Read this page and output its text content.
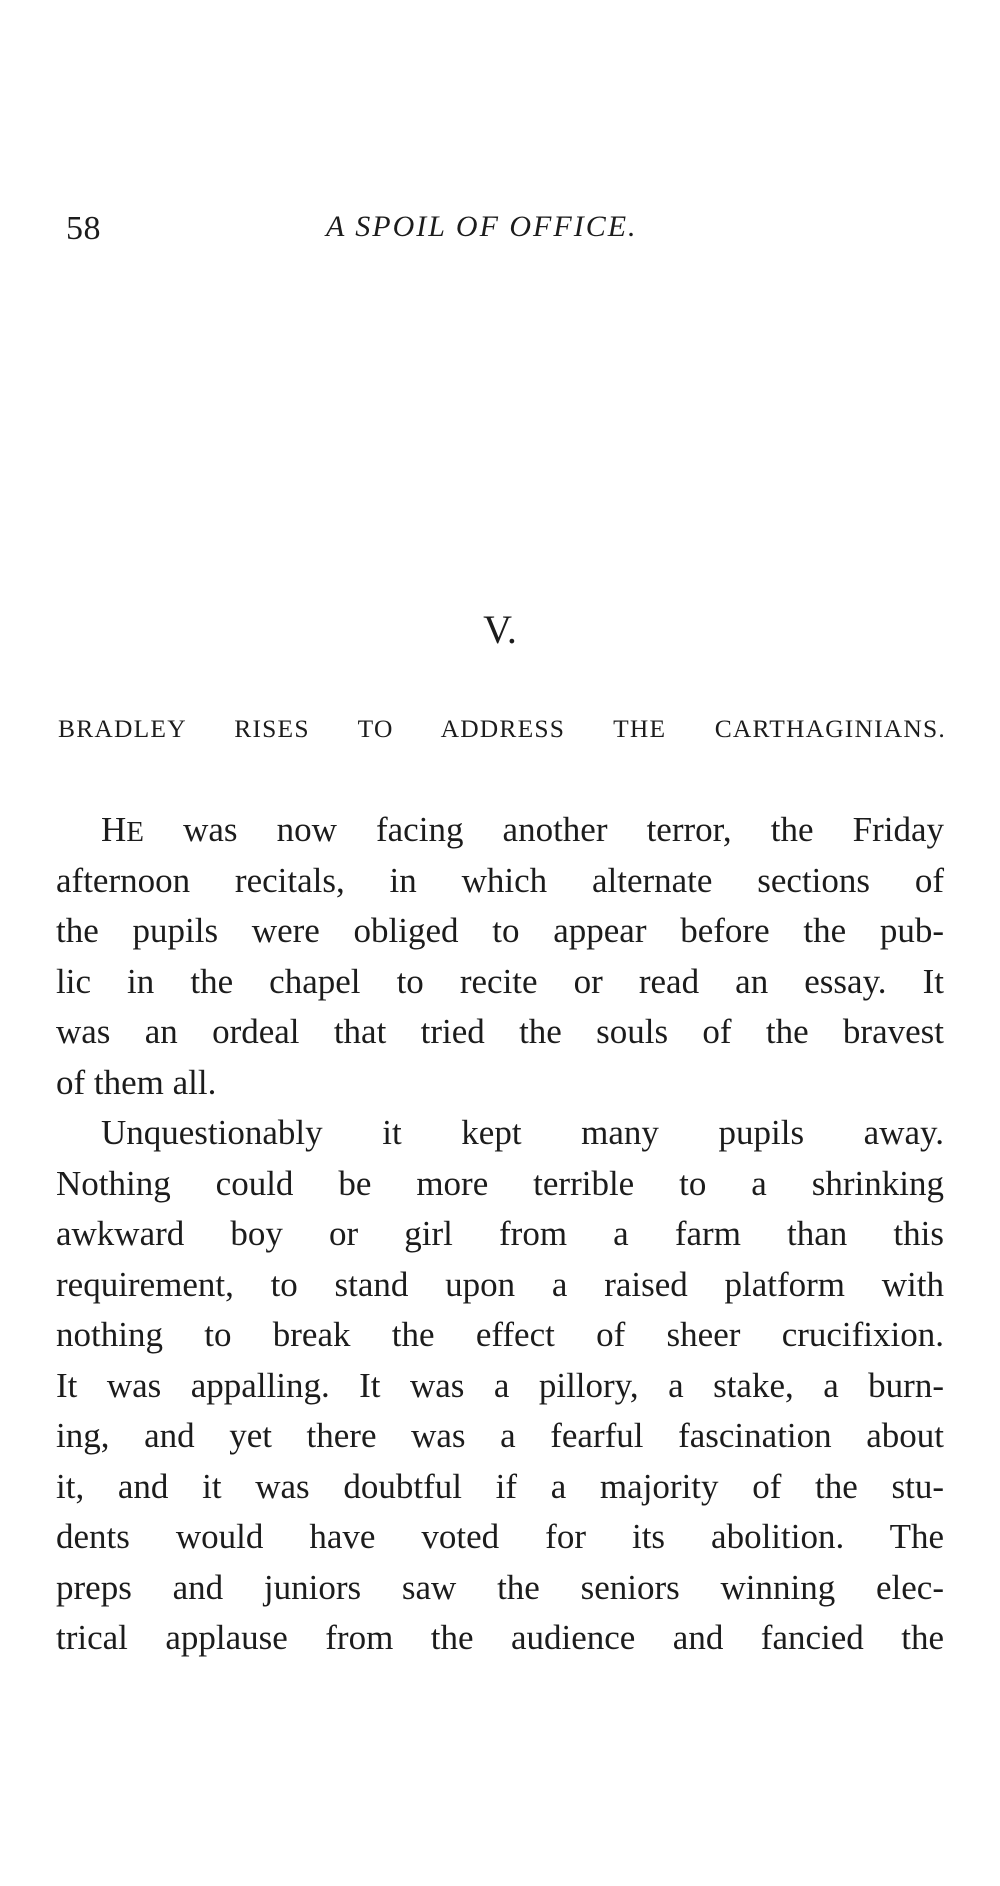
58	A SPOIL OF OFFICE.
V.
BRADLEY RISES TO ADDRESS THE CARTHAGINIANS.
HE was now facing another terror, the Friday
afternoon recitals, in which alternate sections of
the pupils were obliged to appear before the pub-
lic in the chapel to recite or read an essay. It
was an ordeal that tried the souls of the bravest
of them all.
Unquestionably it kept many pupils away.
Nothing could be more terrible to a shrinking
awkward boy or girl from a farm than this
requirement, to stand upon a raised platform with
nothing to break the effect of sheer crucifixion.
It was appalling. It was a pillory, a stake, a burn-
ing, and yet there was a fearful fascination about
it, and it was doubtful if a majority of the stu-
dents would have voted for its abolition. The
preps and juniors saw the seniors winning elec-
trical applause from the audience and fancied the
